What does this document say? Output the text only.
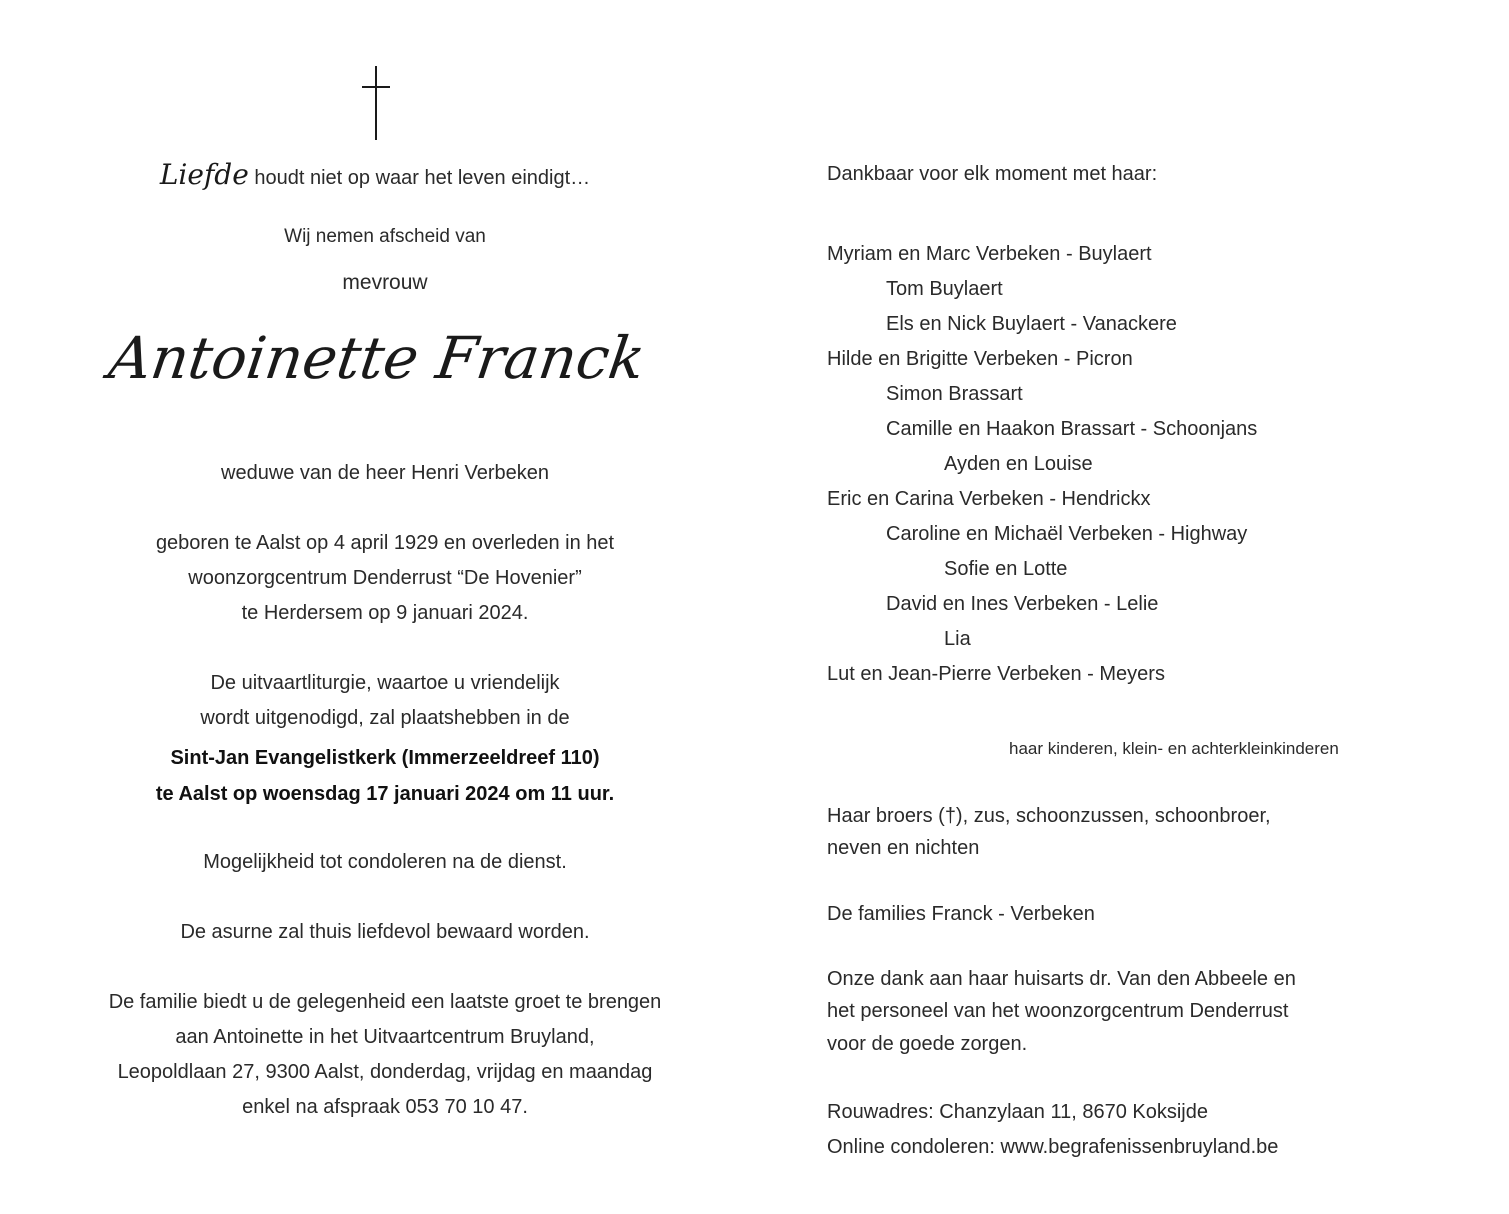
Liefde houdt niet op waar het leven eindigt…
Wij nemen afscheid van
mevrouw
Antoinette Franck
weduwe van de heer Henri Verbeken
geboren te Aalst op 4 april 1929 en overleden in het
woonzorgcentrum Denderrust “De Hovenier”
te Herdersem op 9 januari 2024.
De uitvaartliturgie, waartoe u vriendelijk
wordt uitgenodigd, zal plaatshebben in de
Sint-Jan Evangelistkerk (Immerzeeldreef 110)
te Aalst op woensdag 17 januari 2024 om 11 uur.
Mogelijkheid tot condoleren na de dienst.
De asurne zal thuis liefdevol bewaard worden.
De familie biedt u de gelegenheid een laatste groet te brengen
aan Antoinette in het Uitvaartcentrum Bruyland,
Leopoldlaan 27, 9300 Aalst, donderdag, vrijdag en maandag
enkel na afspraak 053 70 10 47.
Dankbaar voor elk moment met haar:
Myriam en Marc Verbeken - Buylaert
Tom Buylaert
Els en Nick Buylaert - Vanackere
Hilde en Brigitte Verbeken - Picron
Simon Brassart
Camille en Haakon Brassart - Schoonjans
Ayden en Louise
Eric en Carina Verbeken - Hendrickx
Caroline en Michaël Verbeken - Highway
Sofie en Lotte
David en Ines Verbeken - Lelie
Lia
Lut en Jean-Pierre Verbeken - Meyers
haar kinderen, klein- en achterkleinkinderen
Haar broers (†), zus, schoonzussen, schoonbroer,
neven en nichten
De families Franck - Verbeken
Onze dank aan haar huisarts dr. Van den Abbeele en
het personeel van het woonzorgcentrum Denderrust
voor de goede zorgen.
Rouwadres: Chanzylaan 11, 8670 Koksijde
Online condoleren: www.begrafenissenbruyland.be
